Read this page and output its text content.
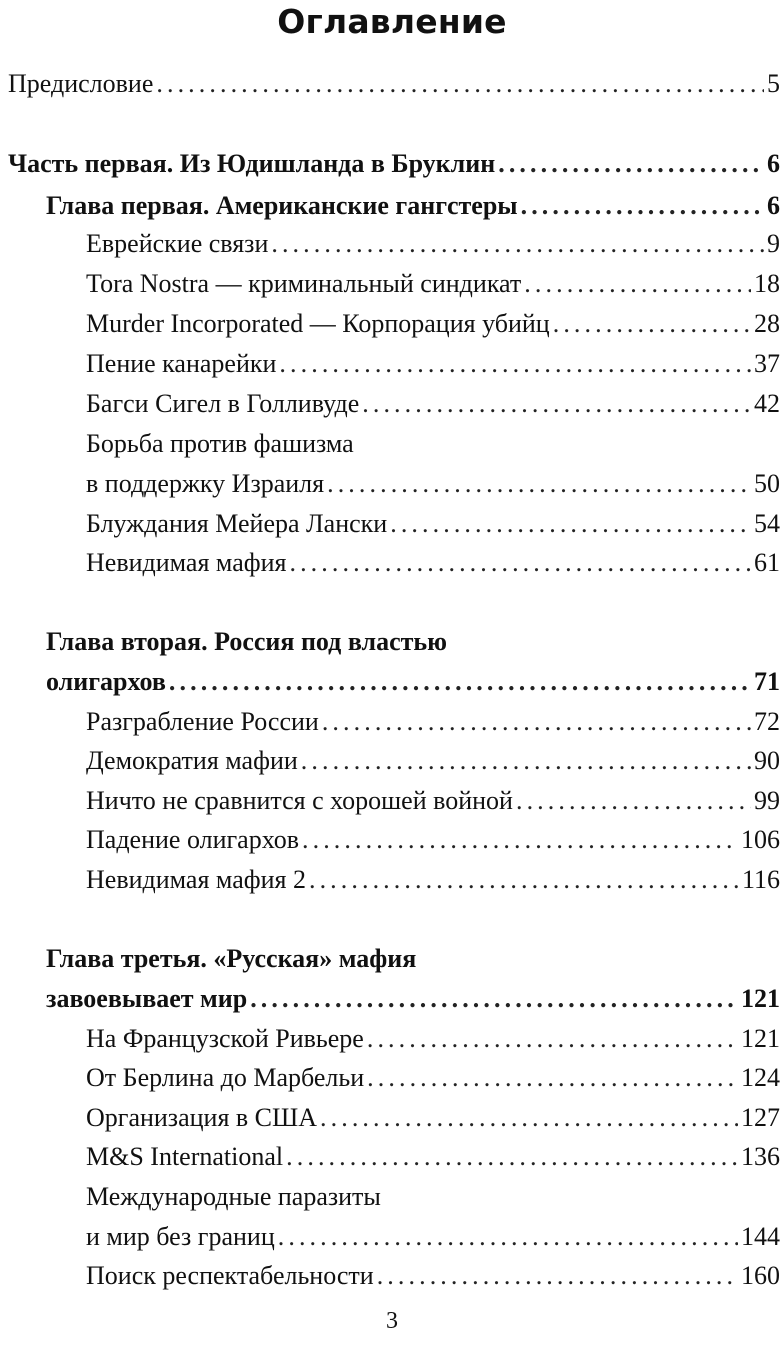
Оглавление
Предисловие . . .	5
Часть первая. Из Юдишланда в Бруклин . . .	6
Глава первая. Американские гангстеры . . .	6
Еврейские связи . . .	9
Tora Nostra — криминальный синдикат . . .	18
Murder Incorporated — Корпорация убийц . . .	28
Пение канарейки . . .	37
Багси Сигел в Голливуде . . .	42
Борьба против фашизма
в поддержку Израиля . . .	50
Блуждания Мейера Лански . . .	54
Невидимая мафия . . .	61
Глава вторая. Россия под властью
олигархов . . .	71
Разграбление России . . .	72
Демократия мафии . . .	90
Ничто не сравнится с хорошей войной . . .	99
Падение олигархов . . .	106
Невидимая мафия 2 . . .	116
Глава третья. «Русская» мафия
завоевывает мир . . .	121
На Французской Ривьере . . .	121
От Берлина до Марбельи . . .	124
Организация в США . . .	127
M&S International . . .	136
Международные паразиты
и мир без границ . . .	144
Поиск респектабельности . . .	160
3
